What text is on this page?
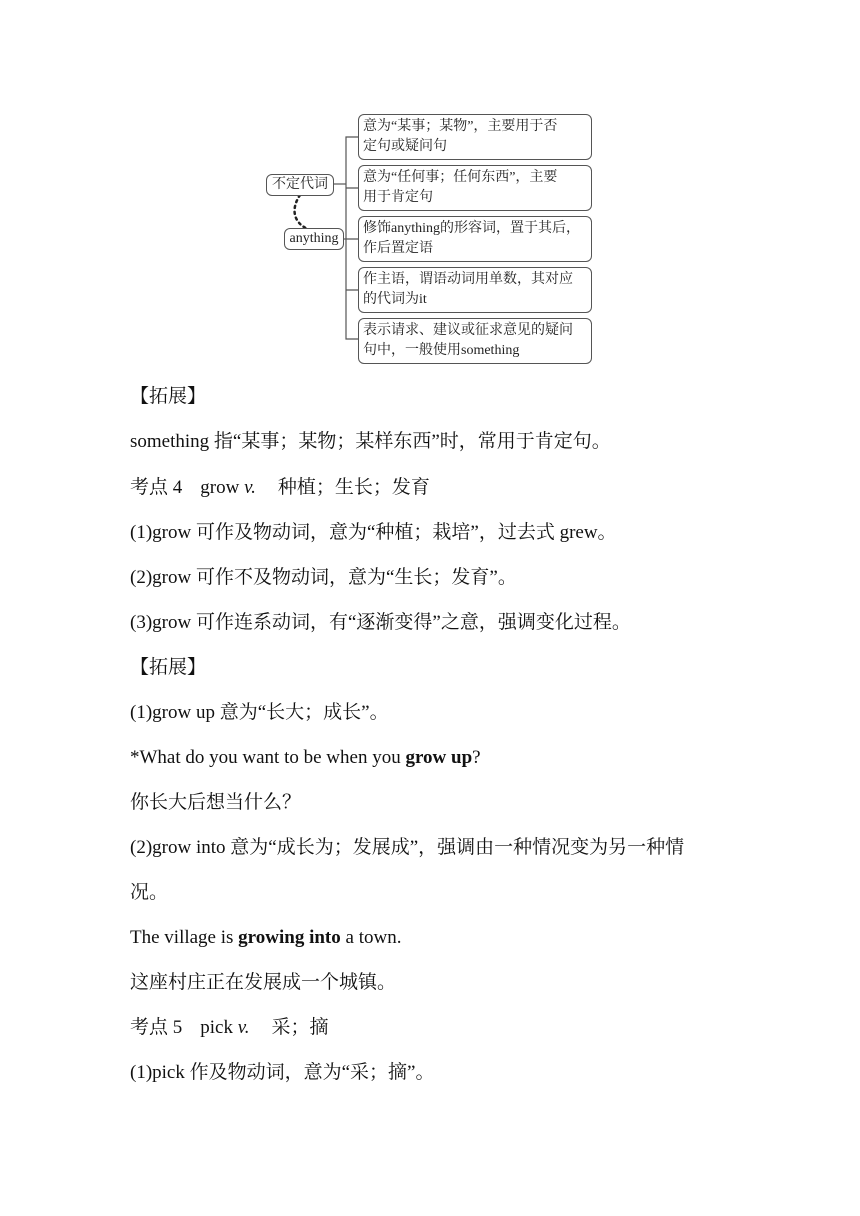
不定代词
anything
意为“某事；某物”，主要用于否
定句或疑问句
意为“任何事；任何东西”，主要
用于肯定句
修饰anything的形容词，置于其后，
作后置定语
作主语，谓语动词用单数，其对应
的代词为it
表示请求、建议或征求意见的疑问
句中，一般使用something
【拓展】
something 指“某事；某物；某样东西”时，常用于肯定句。
考点 4 grow v. 种植；生长；发育
(1)grow 可作及物动词，意为“种植；栽培”，过去式 grew。
(2)grow 可作不及物动词，意为“生长；发育”。
(3)grow 可作连系动词，有“逐渐变得”之意，强调变化过程。
【拓展】
(1)grow up 意为“长大；成长”。
*What do you want to be when you grow up?
你长大后想当什么？
(2)grow into 意为“成长为；发展成”，强调由一种情况变为另一种情
况。
The village is growing into a town.
这座村庄正在发展成一个城镇。
考点 5 pick v. 采；摘
(1)pick 作及物动词，意为“采；摘”。
